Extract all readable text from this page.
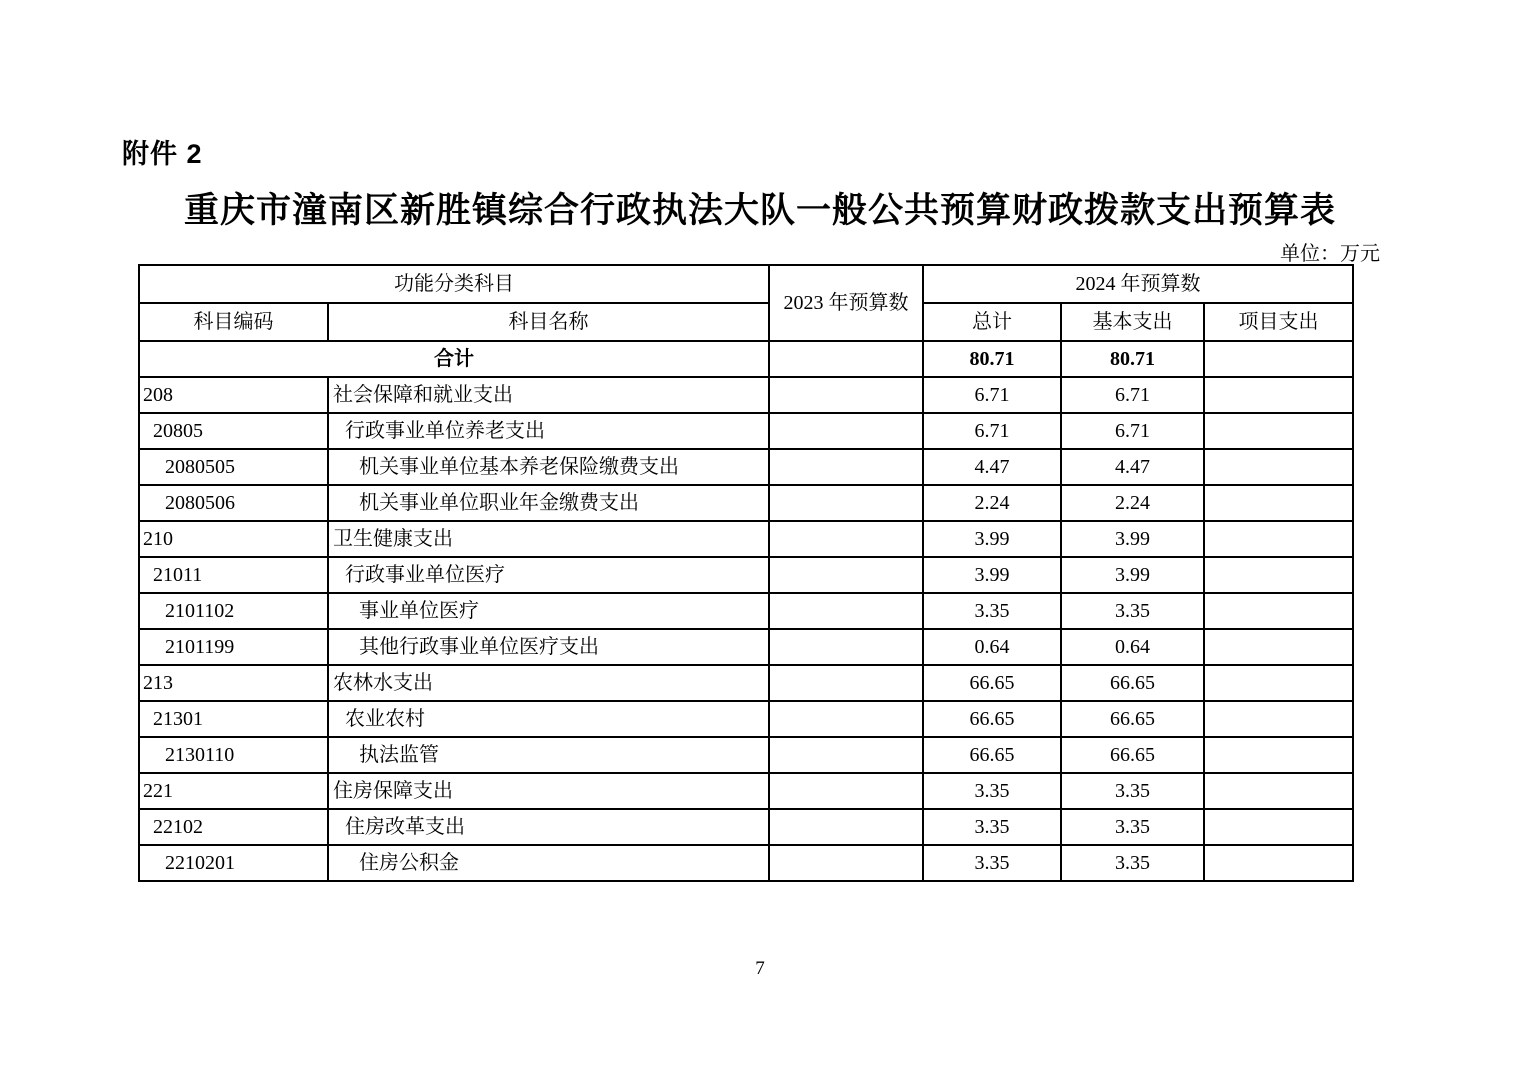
附件 2
重庆市潼南区新胜镇综合行政执法大队一般公共预算财政拨款支出预算表
单位：万元
功能分类科目		2023 年预算数	2024 年预算数		
科目编码	科目名称		总计	基本支出	项目支出
合计			80.71	80.71	
208	社会保障和就业支出		6.71	6.71	
20805	行政事业单位养老支出		6.71	6.71	
2080505	机关事业单位基本养老保险缴费支出		4.47	4.47	
2080506	机关事业单位职业年金缴费支出		2.24	2.24	
210	卫生健康支出		3.99	3.99	
21011	行政事业单位医疗		3.99	3.99	
2101102	事业单位医疗		3.35	3.35	
2101199	其他行政事业单位医疗支出		0.64	0.64	
213	农林水支出		66.65	66.65	
21301	农业农村		66.65	66.65	
2130110	执法监管		66.65	66.65	
221	住房保障支出		3.35	3.35	
22102	住房改革支出		3.35	3.35	
2210201	住房公积金		3.35	3.35	
7
